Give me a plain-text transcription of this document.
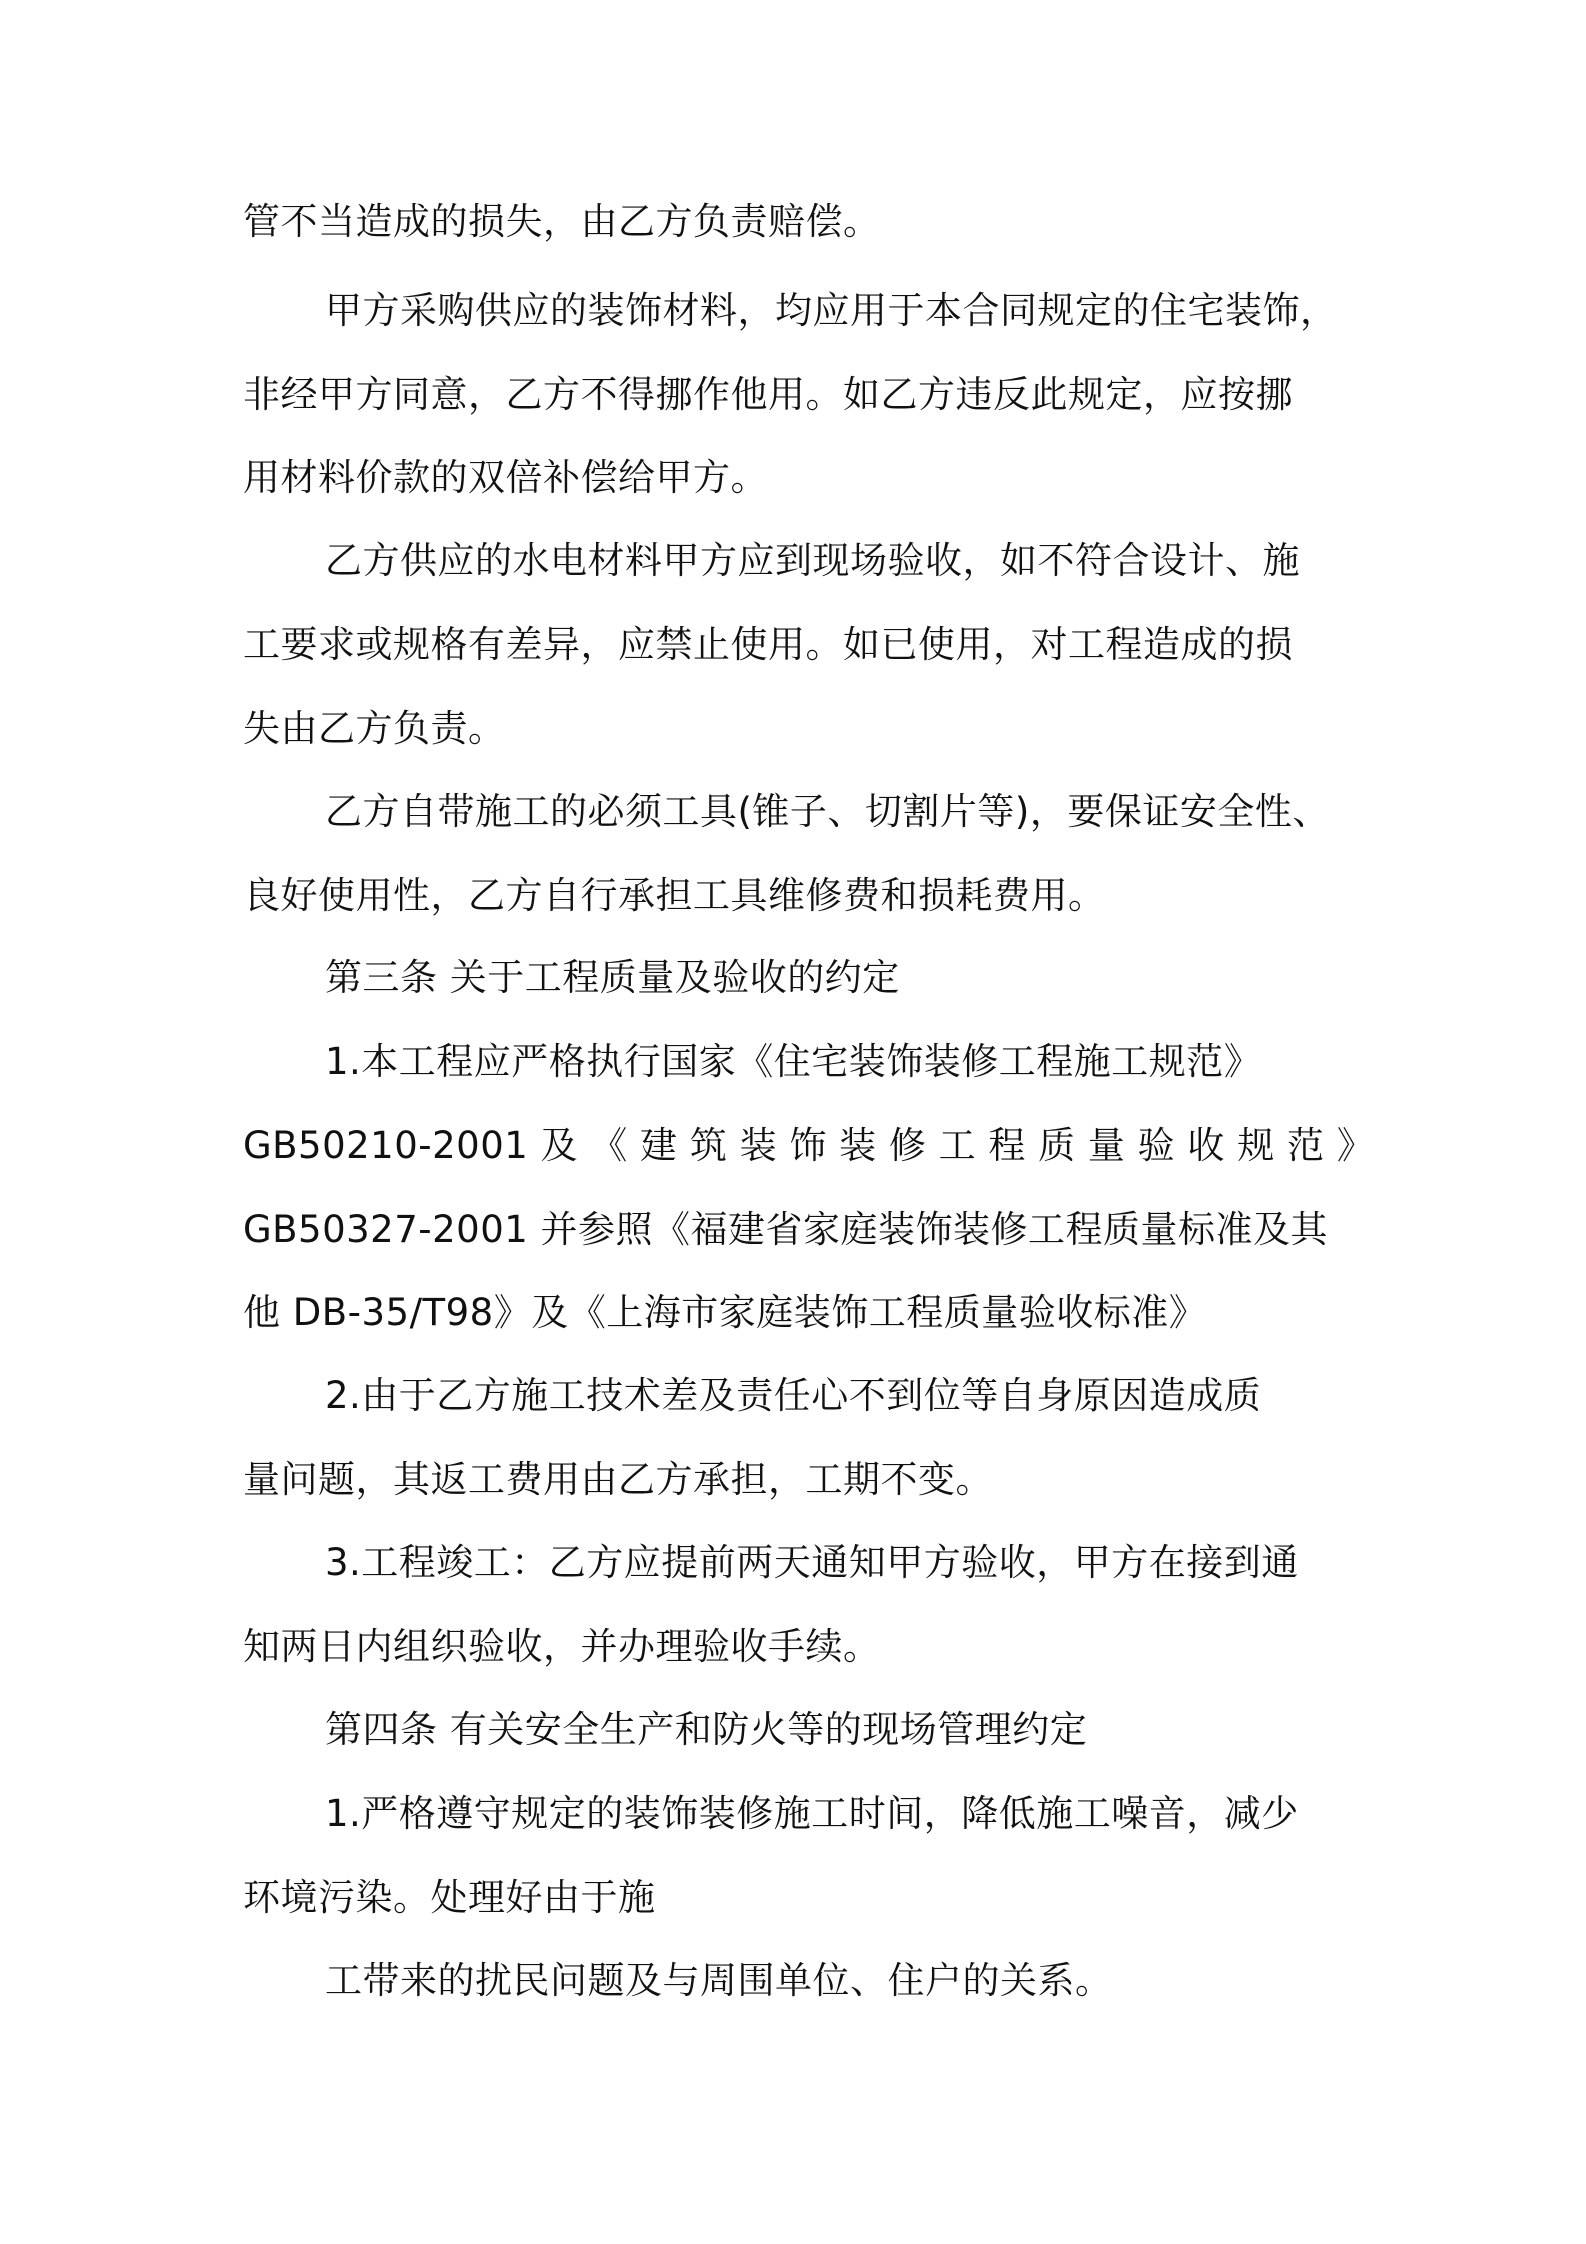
管不当造成的损失，由乙方负责赔偿。
甲方采购供应的装饰材料，均应用于本合同规定的住宅装饰，
非经甲方同意，乙方不得挪作他用。如乙方违反此规定，应按挪
用材料价款的双倍补偿给甲方。
乙方供应的水电材料甲方应到现场验收，如不符合设计、施
工要求或规格有差异，应禁止使用。如已使用，对工程造成的损
失由乙方负责。
乙方自带施工的必须工具(锥子、切割片等)，要保证安全性、
良好使用性，乙方自行承担工具维修费和损耗费用。
第三条 关于工程质量及验收的约定
1.本工程应严格执行国家《住宅装饰装修工程施工规范》
GB50210-2001 及 《 建 筑 装 饰 装 修 工 程 质 量 验 收 规 范 》
GB50327-2001 并参照《福建省家庭装饰装修工程质量标准及其
他 DB-35/T98》及《上海市家庭装饰工程质量验收标准》
2.由于乙方施工技术差及责任心不到位等自身原因造成质
量问题，其返工费用由乙方承担，工期不变。
3.工程竣工：乙方应提前两天通知甲方验收，甲方在接到通
知两日内组织验收，并办理验收手续。
第四条 有关安全生产和防火等的现场管理约定
1.严格遵守规定的装饰装修施工时间，降低施工噪音，减少
环境污染。处理好由于施
工带来的扰民问题及与周围单位、住户的关系。
